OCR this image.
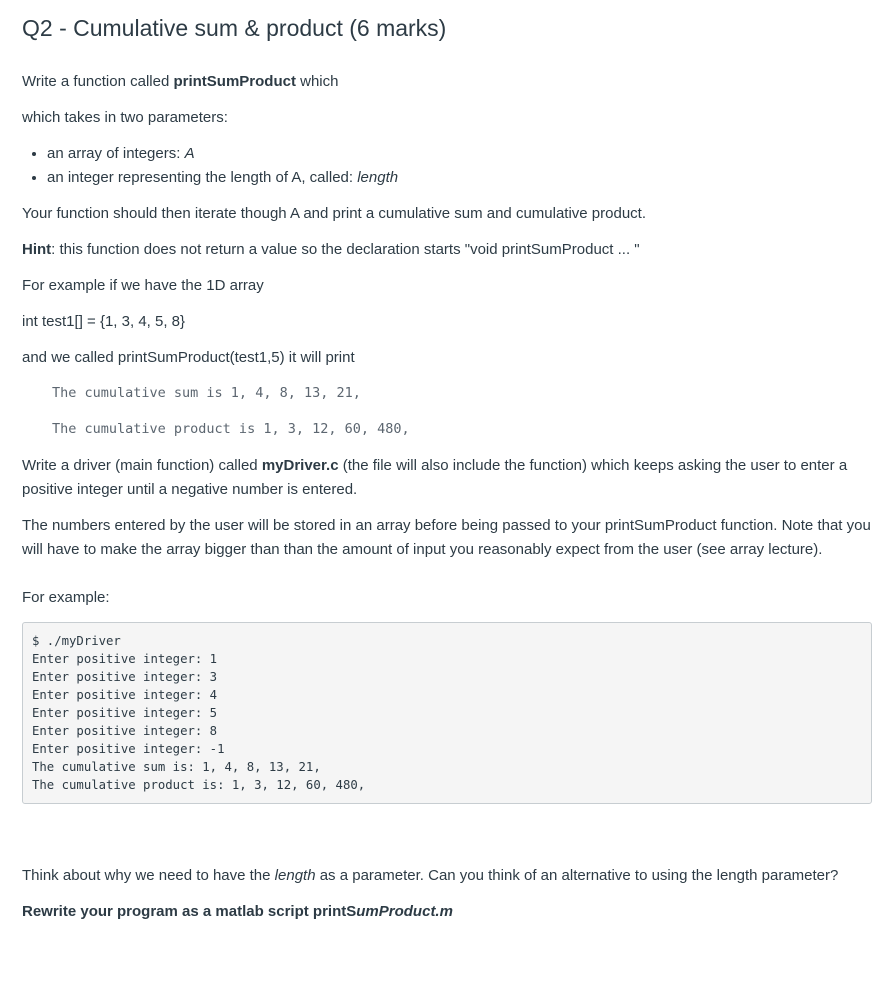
Q2 - Cumulative sum & product (6 marks)

Write a function called printSumProduct which

which takes in two parameters:

• an array of integers: A
• an integer representing the length of A, called: length

Your function should then iterate though A and print a cumulative sum and cumulative product.

Hint: this function does not return a value so the declaration starts "void printSumProduct ... "

For example if we have the 1D array

int test1[] = {1, 3, 4, 5, 8}

and we called printSumProduct(test1,5) it will print

The cumulative sum is 1, 4, 8, 13, 21,
The cumulative product is 1, 3, 12, 60, 480,

Write a driver (main function) called myDriver.c (the file will also include the function) which keeps asking the user to enter a positive integer until a negative number is entered.

The numbers entered by the user will be stored in an array before being passed to your printSumProduct function. Note that you will have to make the array bigger than than the amount of input you reasonably expect from the user (see array lecture).

For example:

$ ./myDriver
Enter positive integer: 1
Enter positive integer: 3
Enter positive integer: 4
Enter positive integer: 5
Enter positive integer: 8
Enter positive integer: -1
The cumulative sum is: 1, 4, 8, 13, 21,
The cumulative product is: 1, 3, 12, 60, 480,

Think about why we need to have the length as a parameter. Can you think of an alternative to using the length parameter?

Rewrite your program as a matlab script printSumProduct.m
